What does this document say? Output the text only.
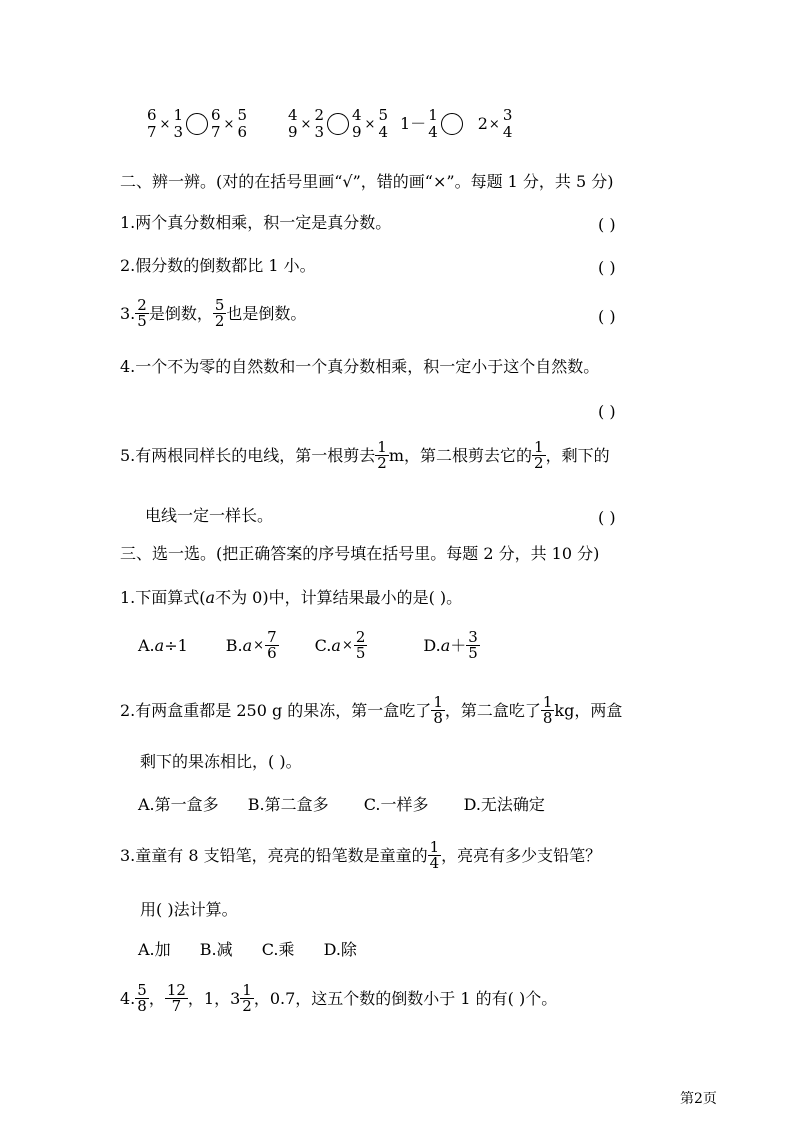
6
7 ×
1
3
6
7 ×
5
6
4
9 ×
2
3
4
9 ×
5
4 1－ 1
4	2 ×
3
4
二、辨一辨。(对的在括号里画“√”，错的画“×”。每题 1 分，共 5 分)
1.两个真分数相乘，积一定是真分数。	( )
2.假分数的倒数都比 1 小。	( )
3. 2
5 是倒数， 5
2 也是倒数。	( )
4.一个不为零的自然数和一个真分数相乘，积一定小于这个自然数。
( )
5.有两根同样长的电线，第一根剪去 1
2 m，第二根剪去它的 1
2 ，剩下的
电线一定一样长。	( )
三、选一选。(把正确答案的序号填在括号里。每题 2 分，共 10 分)
1.下面算式( a 不为 0)中，计算结果最小的是( )。
A. a ÷1 B. a × 7
6 C. a × 2
5	D. a ＋ 3
5
2.有两盒重都是 250 g 的果冻，第一盒吃了 1
8 ，第二盒吃了 1
8 kg，两盒
剩下的果冻相比，( )。
A.第一盒多 B.第二盒多 C.一样多 D.无法确定
3.童童有 8 支铅笔，亮亮的铅笔数是童童的 1
4 ，亮亮有多少支铅笔？
用( )法计算。
A.加 B.减 C.乘 D.除
4. 5
8 ， 12
7 ，1，3 1
2 ，0.7，这五个数的倒数小于 1 的有( )个。
第2页
